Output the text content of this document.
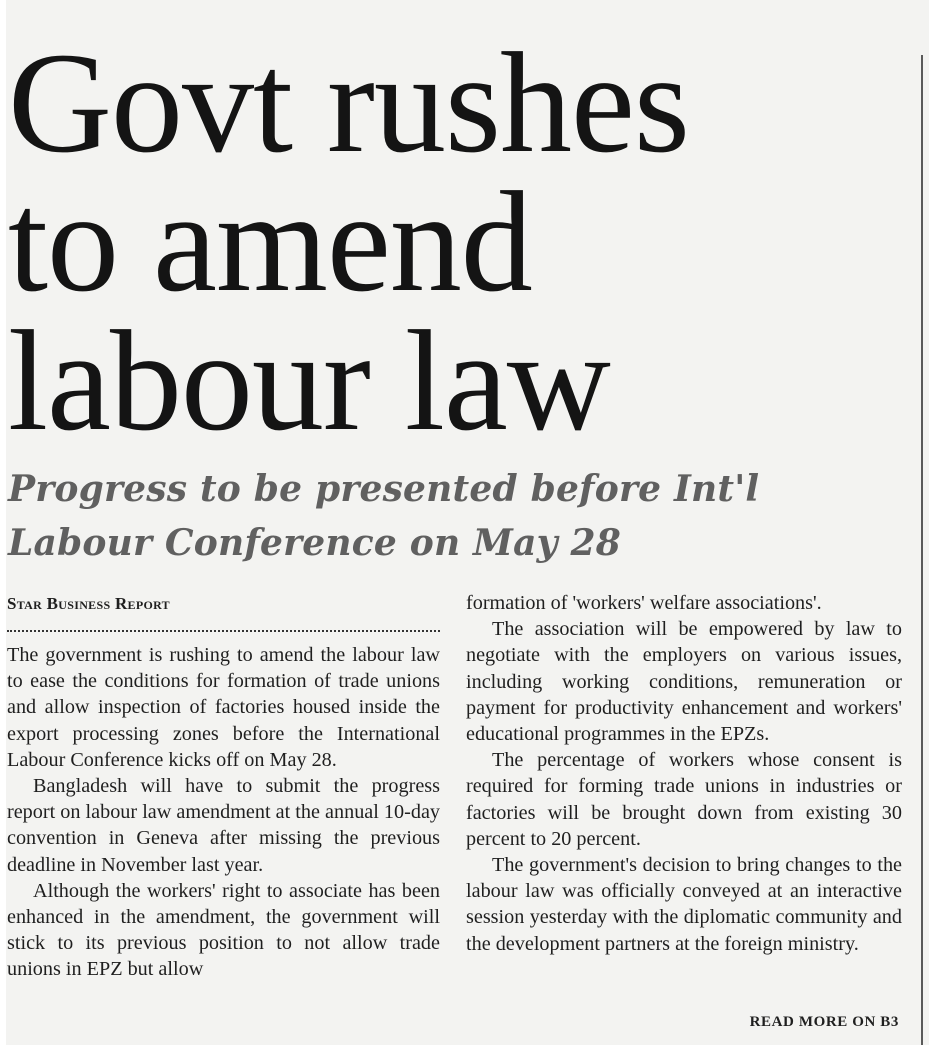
Govt rushes
to amend
labour law
Progress to be presented before Int'l
Labour Conference on May 28
Star Business Report

The government is rushing to amend the labour law to ease the conditions for formation of trade unions and allow inspection of factories housed inside the export processing zones before the International Labour Conference kicks off on May 28.

Bangladesh will have to submit the progress report on labour law amendment at the annual 10-day convention in Geneva after missing the previous deadline in November last year.

Although the workers' right to associate has been enhanced in the amendment, the government will stick to its previous position to not allow trade unions in EPZ but allow

formation of 'workers' welfare associations'.

The association will be empowered by law to negotiate with the employers on various issues, including working conditions, remuneration or payment for productivity enhancement and workers' educational programmes in the EPZs.

The percentage of workers whose consent is required for forming trade unions in industries or factories will be brought down from existing 30 percent to 20 percent.

The government's decision to bring changes to the labour law was officially conveyed at an interactive session yesterday with the diplomatic community and the development partners at the foreign ministry.

READ MORE ON B3
